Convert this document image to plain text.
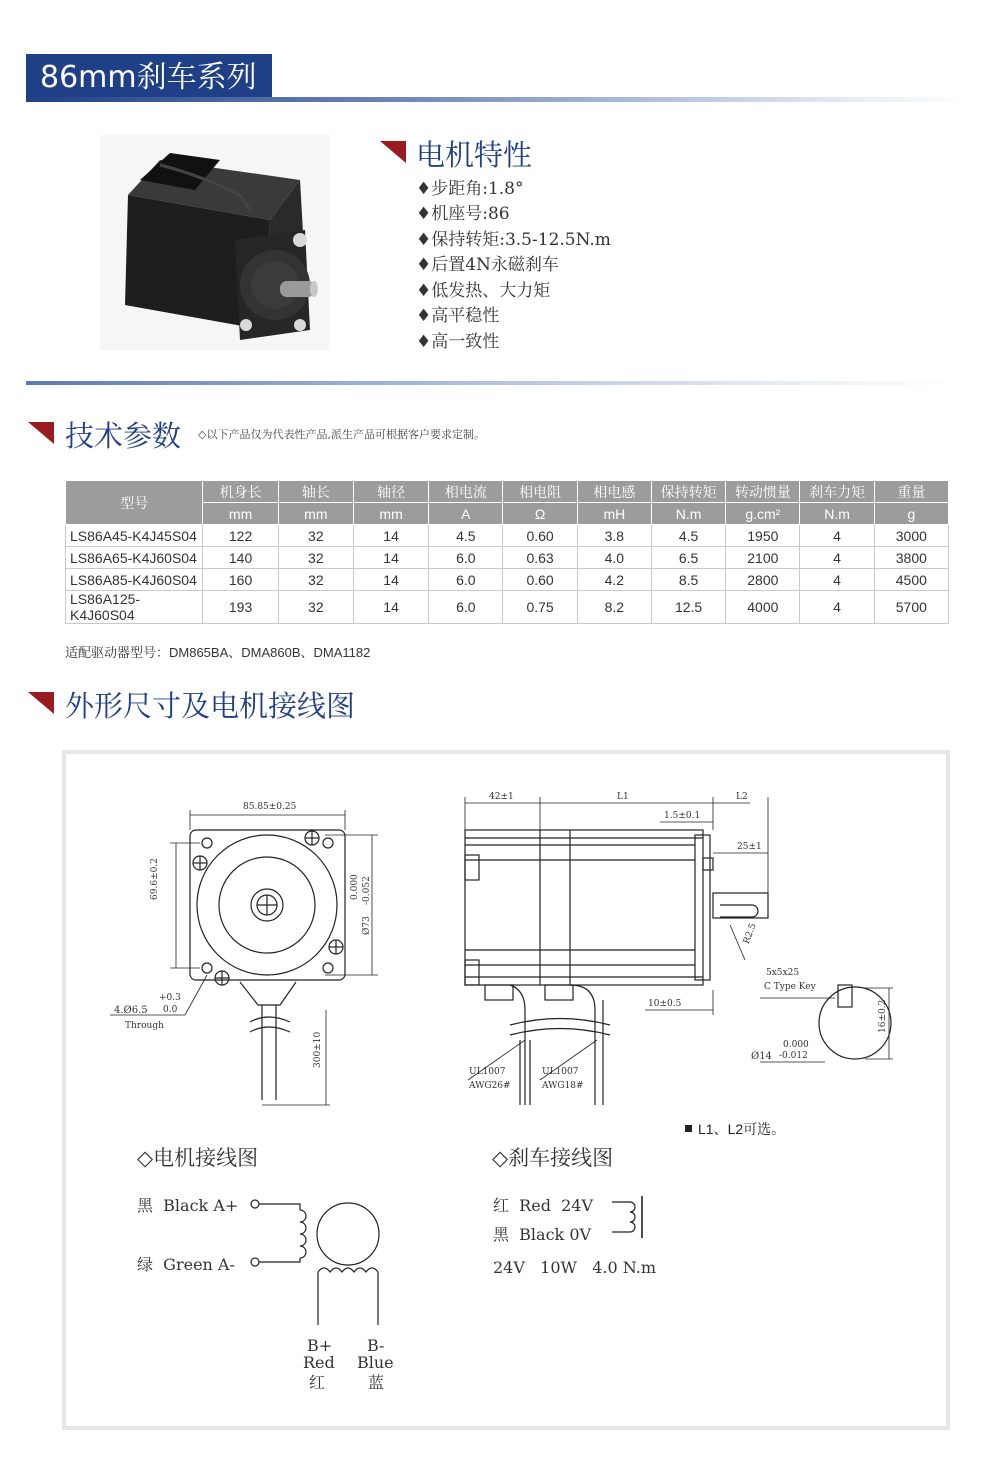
86mm刹车系列
电机特性
♦步距角:1.8°
♦机座号:86
♦保持转矩:3.5-12.5N.m
♦后置4N永磁刹车
♦低发热、大力矩
♦高平稳性
♦高一致性
技术参数 ◇以下产品仅为代表性产品,派生产品可根据客户要求定制。
型号	机身长	轴长	轴径	相电流	相电阻	相电感	保持转矩	转动惯量	刹车力矩	重量
	mm	mm	mm	A	Ω	mH	N.m	g.cm²	N.m	g
LS86A45-K4J45S04	122	32	14	4.5	0.60	3.8	4.5	1950	4	3000
LS86A65-K4J60S04	140	32	14	6.0	0.63	4.0	6.5	2100	4	3800
LS86A85-K4J60S04	160	32	14	6.0	0.60	4.2	8.5	2800	4	4500
LS86A125-K4J60S04	193	32	14	6.0	0.75	8.2	12.5	4000	4	5700
适配驱动器型号：DM865BA、DMA860B、DMA1182
外形尺寸及电机接线图
85.85±0.25
69.6±0.2	0.000 -0.052
Ø73
+0.3
4.Ø6.5 0.0
Through
300±10
42±1	L1	L2
1.5±0.1
25±1
R2.5
10±0.5
UL1007
AWG26#
UL1007
AWG18#
5x5x25
C Type Key
0.000
Ø14 -0.012
16±0.2
L1、L2可选。
◇电机接线图
黑  Black A+
绿  Green A-
B+
Red
红
B-
Blue
蓝
◇刹车接线图
红  Red  24V
黑  Black 0V
24V   10W   4.0 N.m
